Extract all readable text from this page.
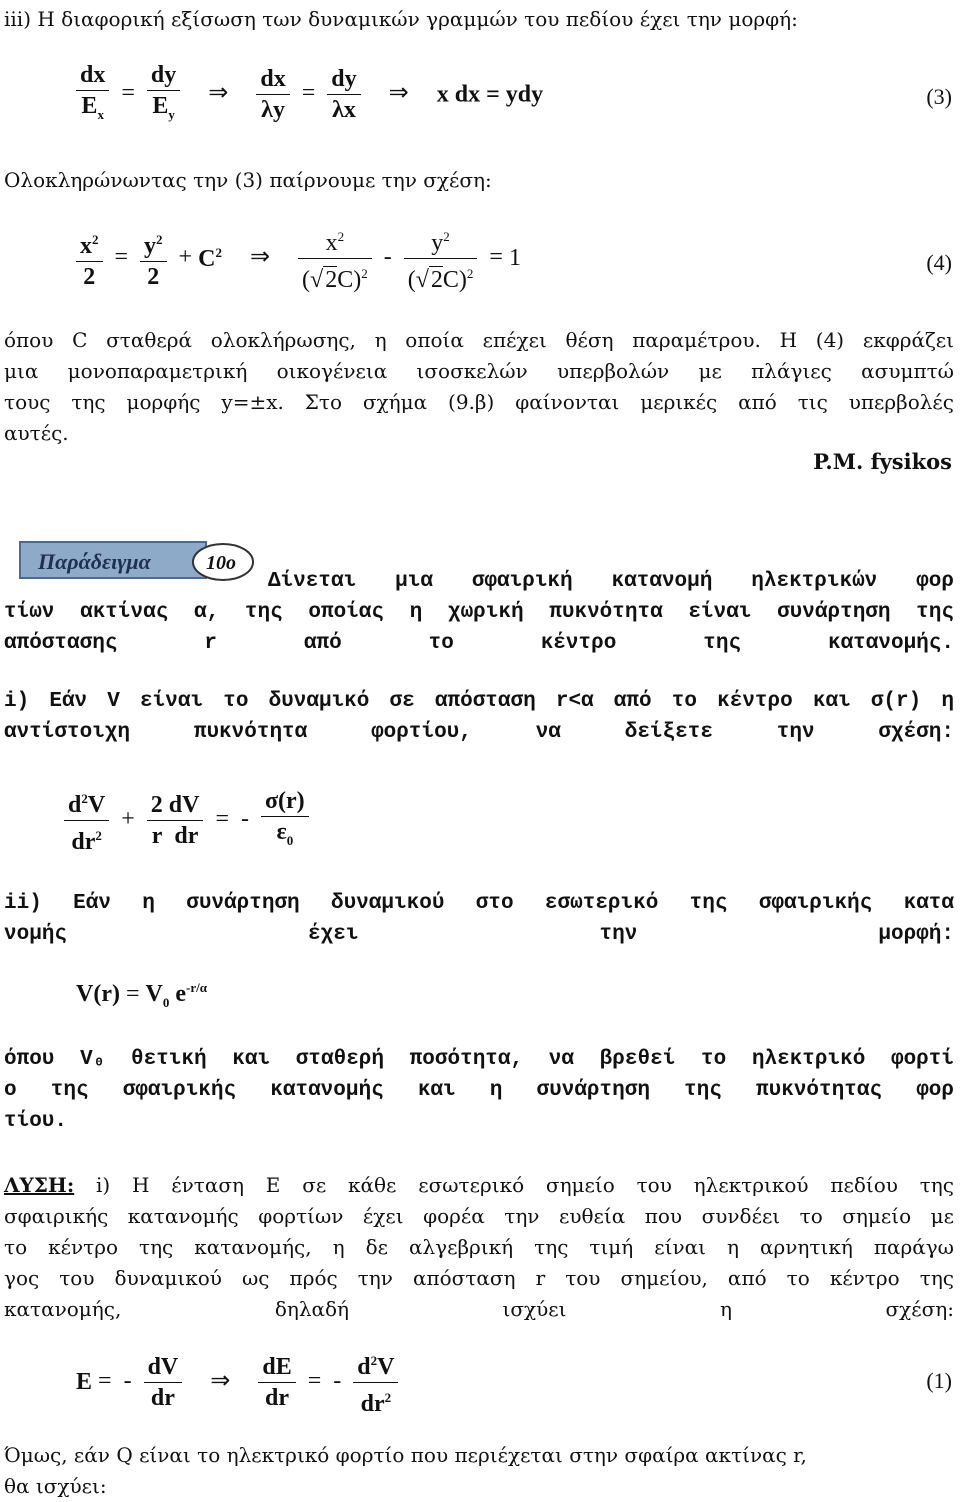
iii) Η διαφορική εξίσωση των δυναμικών γραμμών του πεδίου έχει την μορφή:
$\frac{dx}{E_x} = \frac{dy}{E_y}$ ⇒ $\frac{dx}{\lambda y} = \frac{dy}{\lambda x}$ ⇒ x dx = ydy	(3)
Ολοκληρώνωντας την (3) παίρνουμε την σχέση:
$\frac{x^2}{2} = \frac{y^2}{2} + C^2$ ⇒ $\frac{x^2}{(√2C)^2} - \frac{y^2}{(√2C)^2} = 1$	(4)
όπου C σταθερά ολοκλήρωσης, η οποία επέχει θέση παραμέτρου. Η (4) εκφράζει
μια μονοπαραμετρική οικογένεια ισοσκελών υπερβολών με πλάγιες ασυμπτώ
τους της μορφής y=±x. Στο σχήμα (9.β) φαίνονται μερικές από τις υπερβολές
αυτές.
P.M. fysikos
Παράδειγμα	10ο
Δίνεται μια σφαιρική κατανομή ηλεκτρικών φορ
τίων ακτίνας α, της οποίας η χωρική πυκνότητα είναι συνάρτηση της
απόστασης r από το κέντρο της κατανομής.
i) Εάν V είναι το δυναμικό σε απόσταση r<α από το κέντρο και σ(r) η
αντίστοιχη πυκνότητα φορτίου, να δείξετε την σχέση:
$\frac{d^2V}{dr^2} + \frac{2 dV}{\text{r  dr}}$ = - $\frac{\sigma(r)}{\varepsilon_0}$
ii) Εάν η συνάρτηση δυναμικού στο εσωτερικό της σφαιρικής κατα
νομής έχει την μορφή:
$V(r) = V_0$ $e^{-r/\alpha}$
όπου V₀ θετική και σταθερή ποσότητα, να βρεθεί το ηλεκτρικό φορτί
ο της σφαιρικής κατανομής και η συνάρτηση της πυκνότητας φορ
τίου.
ΛΥΣΗ: i) Η ένταση E σε κάθε εσωτερικό σημείο του ηλεκτρικού πεδίου της
σφαιρικής κατανομής φορτίων έχει φορέα την ευθεία που συνδέει το σημείο με
το κέντρο της κατανομής, η δε αλγεβρική της τιμή είναι η αρνητική παράγω
γος του δυναμικού ως πρός την απόσταση r του σημείου, από το κέντρο της
κατανομής, δηλαδή ισχύει η σχέση:
E = - $\frac{dV}{dr}$ ⇒ $\frac{dE}{dr}$ = - $\frac{d^2V}{dr^2}$	(1)
Όμως, εάν Q είναι το ηλεκτρικό φορτίο που περιέχεται στην σφαίρα ακτίνας r,
θα ισχύει:
